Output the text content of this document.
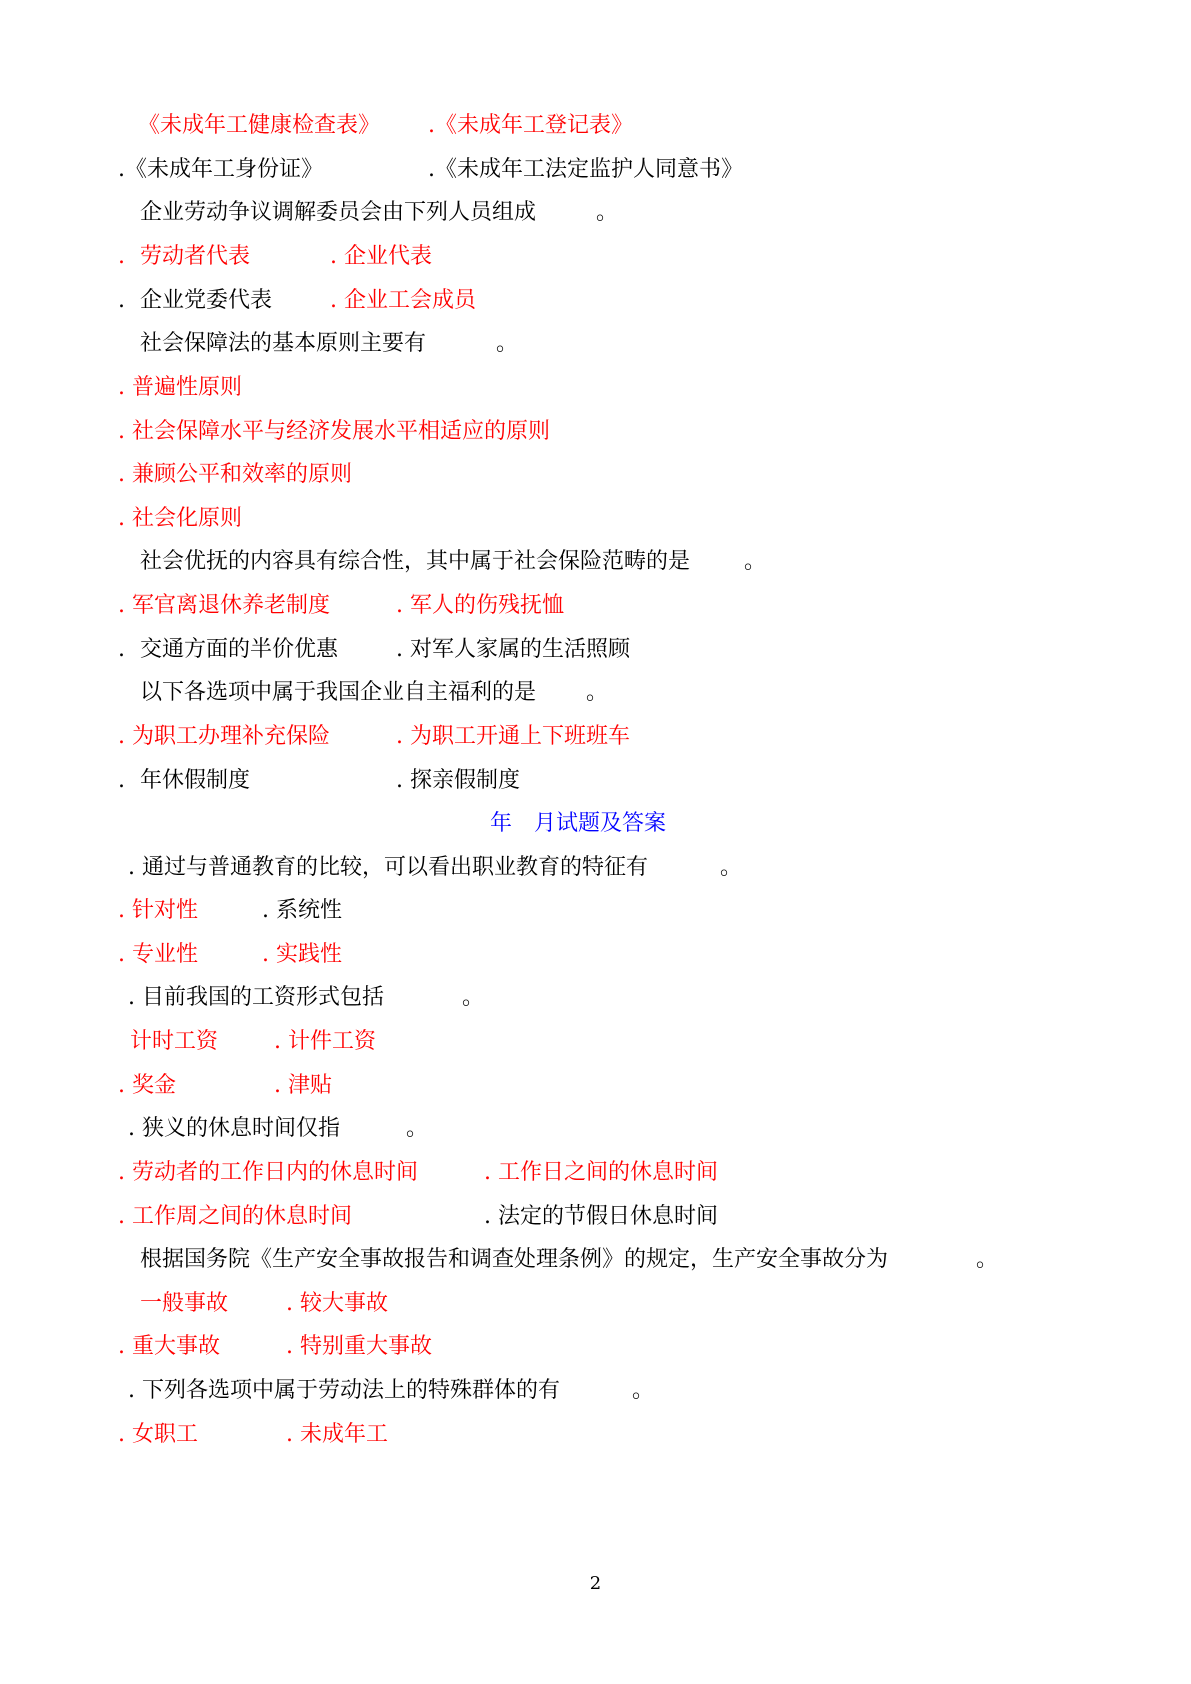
《未成年工健康检查表》

.《未成年工登记表》

.《未成年工身份证》

	.《未成年工法定监护人同意书》

企业劳动争议调解委员会由下列人员组成

	。

.

劳动者代表

	. 企业代表

.

企业党委代表

	. 企业工会成员

社会保障法的基本原则主要有

	。

. 普遍性原则
. 社会保障水平与经济发展水平相适应的原则
. 兼顾公平和效率的原则
. 社会化原则

社会优抚的内容具有综合性，其中属于社会保险范畴的是

。

. 军官离退休养老制度

	. 军人的伤残抚恤

.

交通方面的半价优惠

	. 对军人家属的生活照顾

以下各选项中属于我国企业自主福利的是

。

. 为职工办理补充保险

	. 为职工开通上下班班车

.

年休假制度

	. 探亲假制度

年

月试题及答案

. 通过与普通教育的比较，可以看出职业教育的特征有

	。

. 针对性

	. 系统性

. 专业性

	. 实践性

. 目前我国的工资形式包括

	。

计时工资

	. 计件工资

. 奖金

	. 津贴

. 狭义的休息时间仅指

	。

. 劳动者的工作日内的休息时间

	. 工作日之间的休息时间

. 工作周之间的休息时间

	. 法定的节假日休息时间

根据国务院《生产安全事故报告和调查处理条例》的规定，生产安全事故分为

	。

一般事故

	. 较大事故

. 重大事故

	. 特别重大事故

. 下列各选项中属于劳动法上的特殊群体的有

	。

. 女职工

	. 未成年工

2
